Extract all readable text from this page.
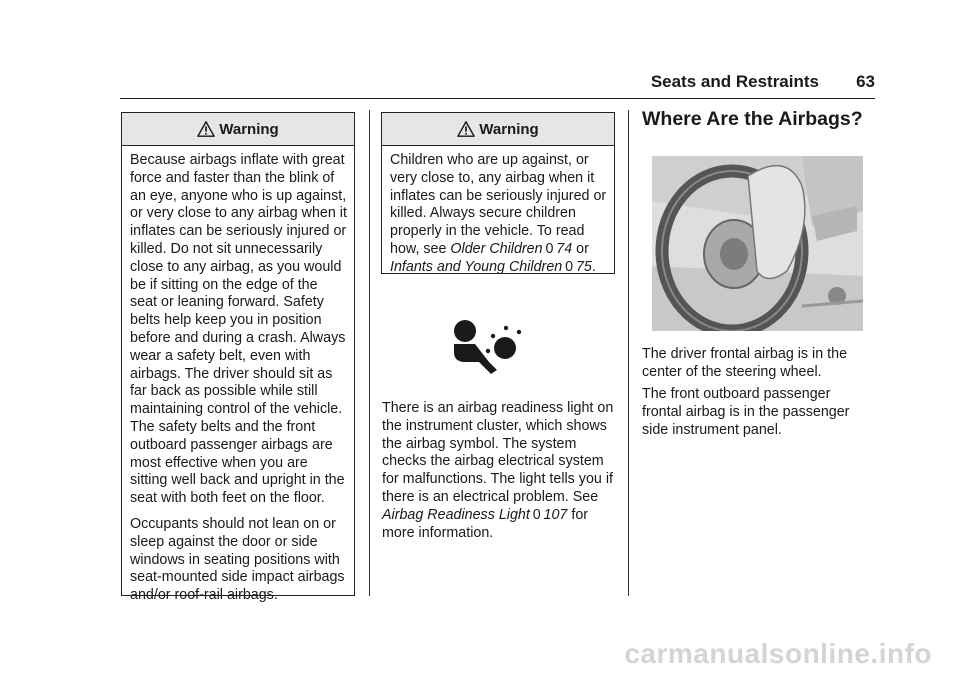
Seats and Restraints 63
Warning

Because airbags inflate with great force and faster than the blink of an eye, anyone who is up against, or very close to any airbag when it inflates can be seriously injured or killed. Do not sit unnecessarily close to any airbag, as you would be if sitting on the edge of the seat or leaning forward. Safety belts help keep you in position before and during a crash. Always wear a safety belt, even with airbags. The driver should sit as far back as possible while still maintaining control of the vehicle. The safety belts and the front outboard passenger airbags are most effective when you are sitting well back and upright in the seat with both feet on the floor.

Occupants should not lean on or sleep against the door or side windows in seating positions with seat-mounted side impact airbags and/or roof-rail airbags.

Warning

Children who are up against, or very close to, any airbag when it inflates can be seriously injured or killed. Always secure children properly in the vehicle. To read how, see Older Children  0  74 or Infants and Young Children  0  75.

There is an airbag readiness light on the instrument cluster, which shows the airbag symbol. The system checks the airbag electrical system for malfunctions. The light tells you if there is an electrical problem. See Airbag Readiness Light  0  107 for more information.

Where Are the Airbags?

The driver frontal airbag is in the center of the steering wheel.

The front outboard passenger frontal airbag is in the passenger side instrument panel.

carmanualsonline.info
